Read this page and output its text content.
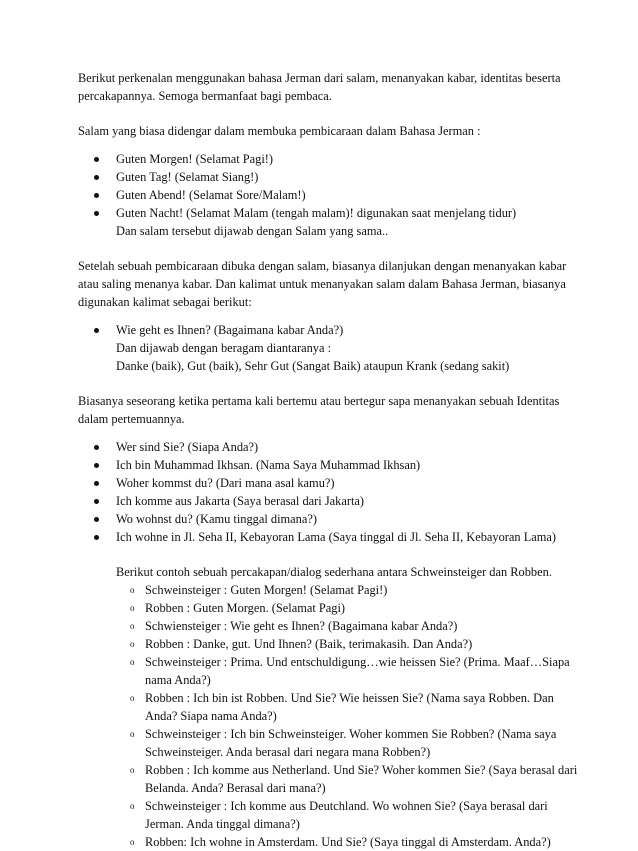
Berikut perkenalan menggunakan bahasa Jerman dari salam, menanyakan kabar, identitas beserta percakapannya. Semoga bermanfaat bagi pembaca.

Salam yang biasa didengar dalam membuka pembicaraan dalam Bahasa Jerman :

Guten Morgen! (Selamat Pagi!)
Guten Tag! (Selamat Siang!)
Guten Abend! (Selamat Sore/Malam!)
Guten Nacht! (Selamat Malam (tengah malam)! digunakan saat menjelang tidur)
Dan salam tersebut dijawab dengan Salam yang sama..

Setelah sebuah pembicaraan dibuka dengan salam, biasanya dilanjukan dengan menanyakan kabar atau saling menanya kabar. Dan kalimat untuk menanyakan salam dalam Bahasa Jerman, biasanya digunakan kalimat sebagai berikut:

Wie geht es Ihnen? (Bagaimana kabar Anda?)
Dan dijawab dengan beragam diantaranya :
Danke (baik), Gut (baik), Sehr Gut (Sangat Baik) ataupun Krank (sedang sakit)

Biasanya seseorang ketika pertama kali bertemu atau bertegur sapa menanyakan sebuah Identitas dalam pertemuannya.

Wer sind Sie? (Siapa Anda?)
Ich bin Muhammad Ikhsan. (Nama Saya Muhammad Ikhsan)
Woher kommst du? (Dari mana asal kamu?)
Ich komme aus Jakarta (Saya berasal dari Jakarta)
Wo wohnst du? (Kamu tinggal dimana?)
Ich wohne in Jl. Seha II, Kebayoran Lama (Saya tinggal di Jl. Seha II, Kebayoran Lama)

Berikut contoh sebuah percakapan/dialog sederhana antara Schweinsteiger dan Robben.

o Schweinsteiger : Guten Morgen! (Selamat Pagi!)
o Robben : Guten Morgen. (Selamat Pagi)
o Schwiensteiger : Wie geht es Ihnen? (Bagaimana kabar Anda?)
o Robben : Danke, gut. Und Ihnen? (Baik, terimakasih. Dan Anda?)
o Schweinsteiger : Prima. Und entschuldigung…wie heissen Sie? (Prima. Maaf…Siapa nama Anda?)
o Robben : Ich bin ist Robben. Und Sie? Wie heissen Sie? (Nama saya Robben. Dan Anda? Siapa nama Anda?)
o Schweinsteiger : Ich bin Schweinsteiger. Woher kommen Sie Robben? (Nama saya Schweinsteiger. Anda berasal dari negara mana Robben?)
o Robben : Ich komme aus Netherland. Und Sie? Woher kommen Sie? (Saya berasal dari Belanda. Anda? Berasal dari mana?)
o Schweinsteiger : Ich komme aus Deutchland. Wo wohnen Sie? (Saya berasal dari Jerman. Anda tinggal dimana?)
o Robben: Ich wohne in Amsterdam. Und Sie? (Saya tinggal di Amsterdam. Anda?)
